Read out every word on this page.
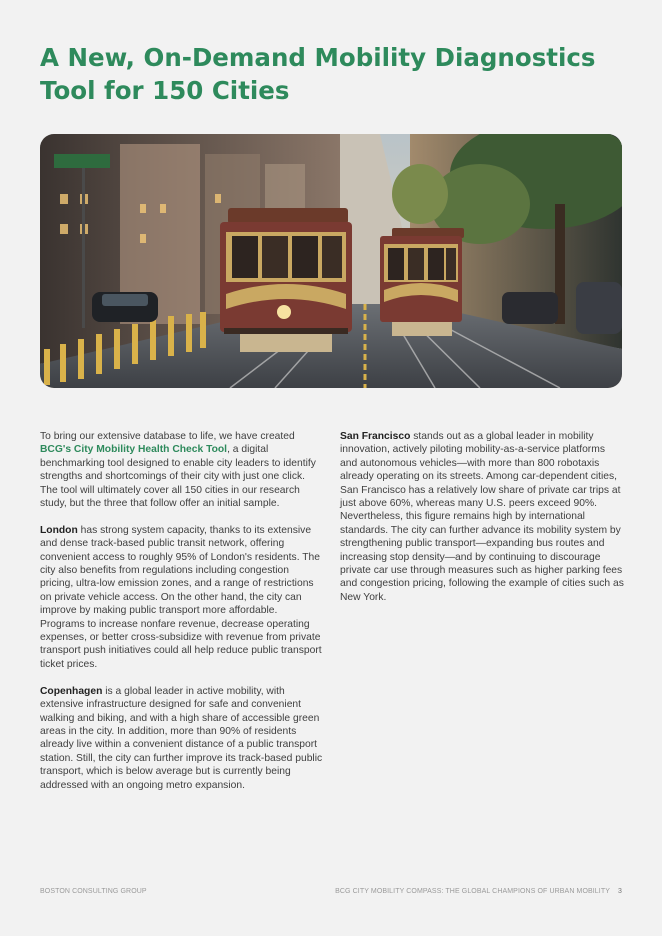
A New, On-Demand Mobility Diagnostics Tool for 150 Cities

To bring our extensive database to life, we have created BCG's City Mobility Health Check Tool, a digital benchmarking tool designed to enable city leaders to identify strengths and shortcomings of their city with just one click. The tool will ultimately cover all 150 cities in our research study, but the three that follow offer an initial sample.

London has strong system capacity, thanks to its extensive and dense track-based public transit network, offering convenient access to roughly 95% of London's residents. The city also benefits from regulations including congestion pricing, ultra-low emission zones, and a range of restrictions on private vehicle access. On the other hand, the city can improve by making public transport more affordable. Programs to increase nonfare revenue, decrease operating expenses, or better cross-subsidize with revenue from private transport push initiatives could all help reduce public transport ticket prices.

Copenhagen is a global leader in active mobility, with extensive infrastructure designed for safe and convenient walking and biking, and with a high share of accessible green areas in the city. In addition, more than 90% of residents already live within a convenient distance of a public transport station. Still, the city can further improve its track-based public transport, which is below average but is currently being addressed with an ongoing metro expansion.

San Francisco stands out as a global leader in mobility innovation, actively piloting mobility-as-a-service platforms and autonomous vehicles—with more than 800 robotaxis already operating on its streets. Among car-dependent cities, San Francisco has a relatively low share of private car trips at just above 60%, whereas many U.S. peers exceed 90%. Nevertheless, this figure remains high by international standards. The city can further advance its mobility system by strengthening public transport—expanding bus routes and increasing stop density—and by continuing to discourage private car use through measures such as higher parking fees and congestion pricing, following the example of cities such as New York.

BOSTON CONSULTING GROUP	BCG CITY MOBILITY COMPASS: THE GLOBAL CHAMPIONS OF URBAN MOBILITY 3
